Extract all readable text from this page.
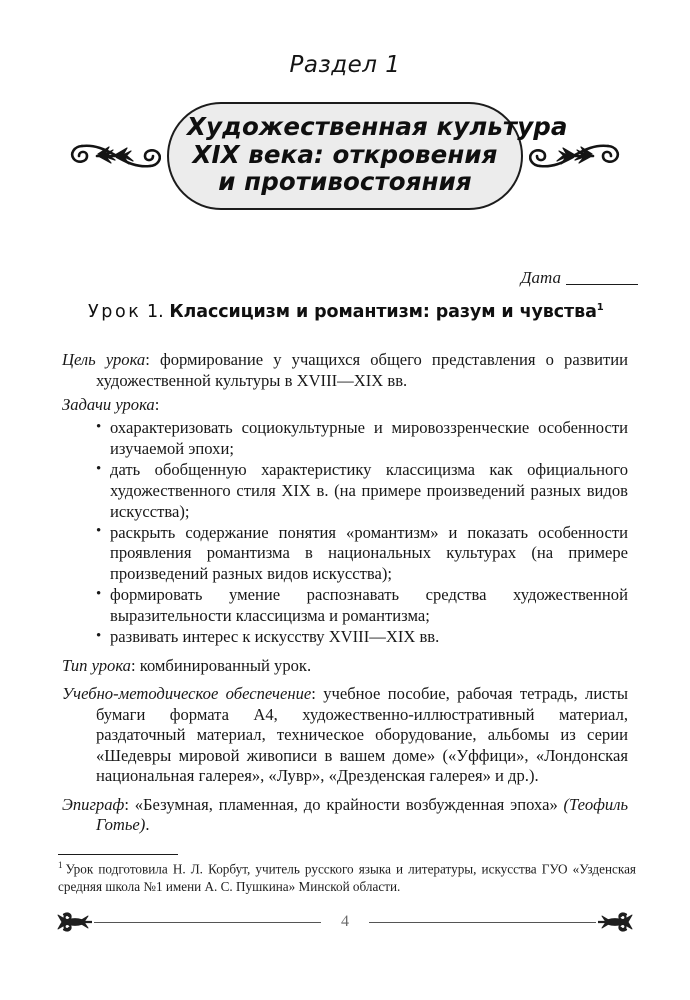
Раздел 1
Художественная культура
XIX века: откровения
и противостояния
Дата
Урок 1. Классицизм и романтизм: разум и чувства$^1$

Цель урока: формирование у учащихся общего представления о развитии художественной культуры в XVIII—XIX вв.

Задачи урока:

• охарактеризовать социокультурные и мировоззренческие особенности изучаемой эпохи;
• дать обобщенную характеристику классицизма как официального художественного стиля XIX в. (на примере произведений разных видов искусства);
• раскрыть содержание понятия «романтизм» и показать особенности проявления романтизма в национальных культурах (на примере произведений разных видов искусства);
• формировать умение распознавать средства художественной выразительности классицизма и романтизма;
• развивать интерес к искусству XVIII—XIX вв.

Тип урока: комбинированный урок.

Учебно-методическое обеспечение: учебное пособие, рабочая тетрадь, листы бумаги формата А4, художественно-иллюстративный материал, раздаточный материал, техническое оборудование, альбомы из серии «Шедевры мировой живописи в вашем доме» («Уффици», «Лондонская национальная галерея», «Лувр», «Дрезденская галерея» и др.).

Эпиграф: «Безумная, пламенная, до крайности возбужденная эпоха» (Теофиль Готье).

$^1$ Урок подготовила Н. Л. Корбут, учитель русского языка и литературы, искусства ГУО «Узденская средняя школа №1 имени А. С. Пушкина» Минской области.
4
